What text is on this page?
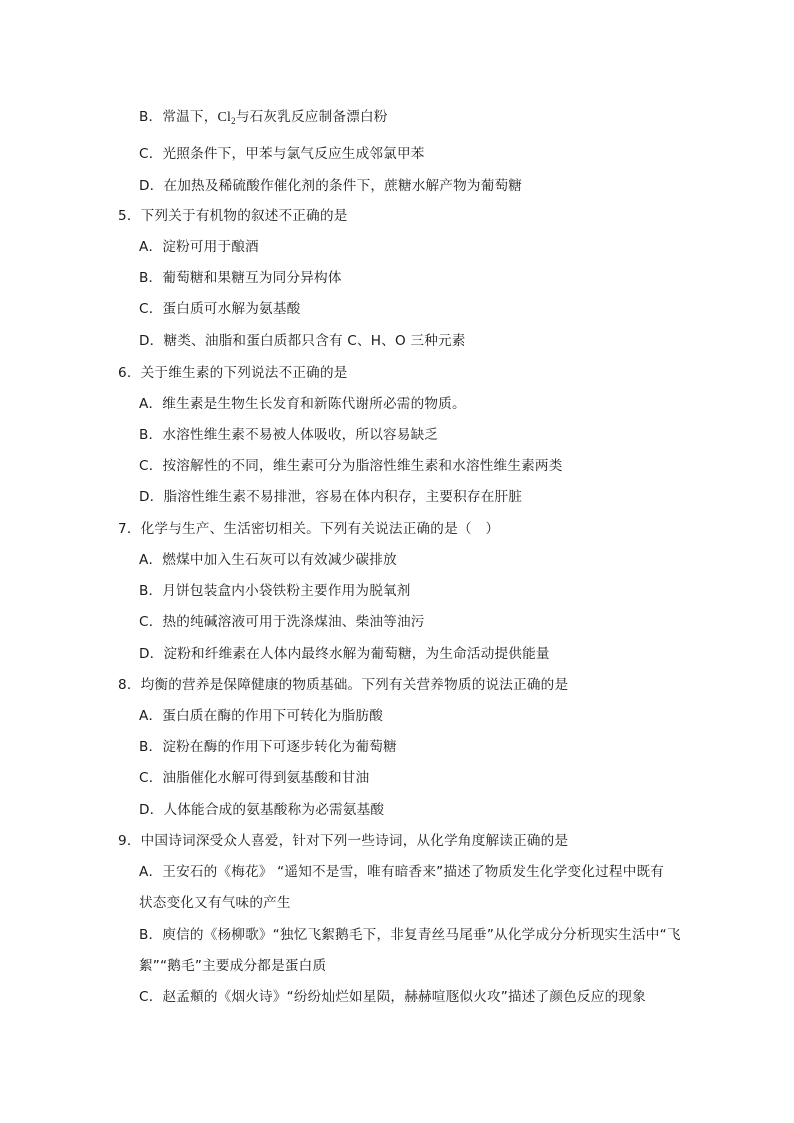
B．常温下，$Cl_2$与石灰乳反应制备漂白粉
C．光照条件下，甲苯与氯气反应生成邻氯甲苯
D．在加热及稀硫酸作催化剂的条件下，蔗糖水解产物为葡萄糖
5．下列关于有机物的叙述不正确的是
A．淀粉可用于酿酒
B．葡萄糖和果糖互为同分异构体
C．蛋白质可水解为氨基酸
D．糖类、油脂和蛋白质都只含有 C、H、O 三种元素
6．关于维生素的下列说法不正确的是
A．维生素是生物生长发育和新陈代谢所必需的物质。
B．水溶性维生素不易被人体吸收，所以容易缺乏
C．按溶解性的不同，维生素可分为脂溶性维生素和水溶性维生素两类
D．脂溶性维生素不易排泄，容易在体内积存，主要积存在肝脏
7．化学与生产、生活密切相关。下列有关说法正确的是（　）
A．燃煤中加入生石灰可以有效减少碳排放
B．月饼包装盒内小袋铁粉主要作用为脱氧剂
C．热的纯碱溶液可用于洗涤煤油、柴油等油污
D．淀粉和纤维素在人体内最终水解为葡萄糖，为生命活动提供能量
8．均衡的营养是保障健康的物质基础。下列有关营养物质的说法正确的是
A．蛋白质在酶的作用下可转化为脂肪酸
B．淀粉在酶的作用下可逐步转化为葡萄糖
C．油脂催化水解可得到氨基酸和甘油
D．人体能合成的氨基酸称为必需氨基酸
9．中国诗词深受众人喜爱，针对下列一些诗词，从化学角度解读正确的是
A．王安石的《梅花》 “遥知不是雪，唯有暗香来”描述了物质发生化学变化过程中既有
状态变化又有气味的产生
B．庾信的《杨柳歌》“独忆飞絮鹅毛下，非复青丝马尾垂”从化学成分分析现实生活中“飞
絮”“鹅毛”主要成分都是蛋白质
C．赵孟頫的《烟火诗》“纷纷灿烂如星陨，赫赫喧豗似火攻”描述了颜色反应的现象
